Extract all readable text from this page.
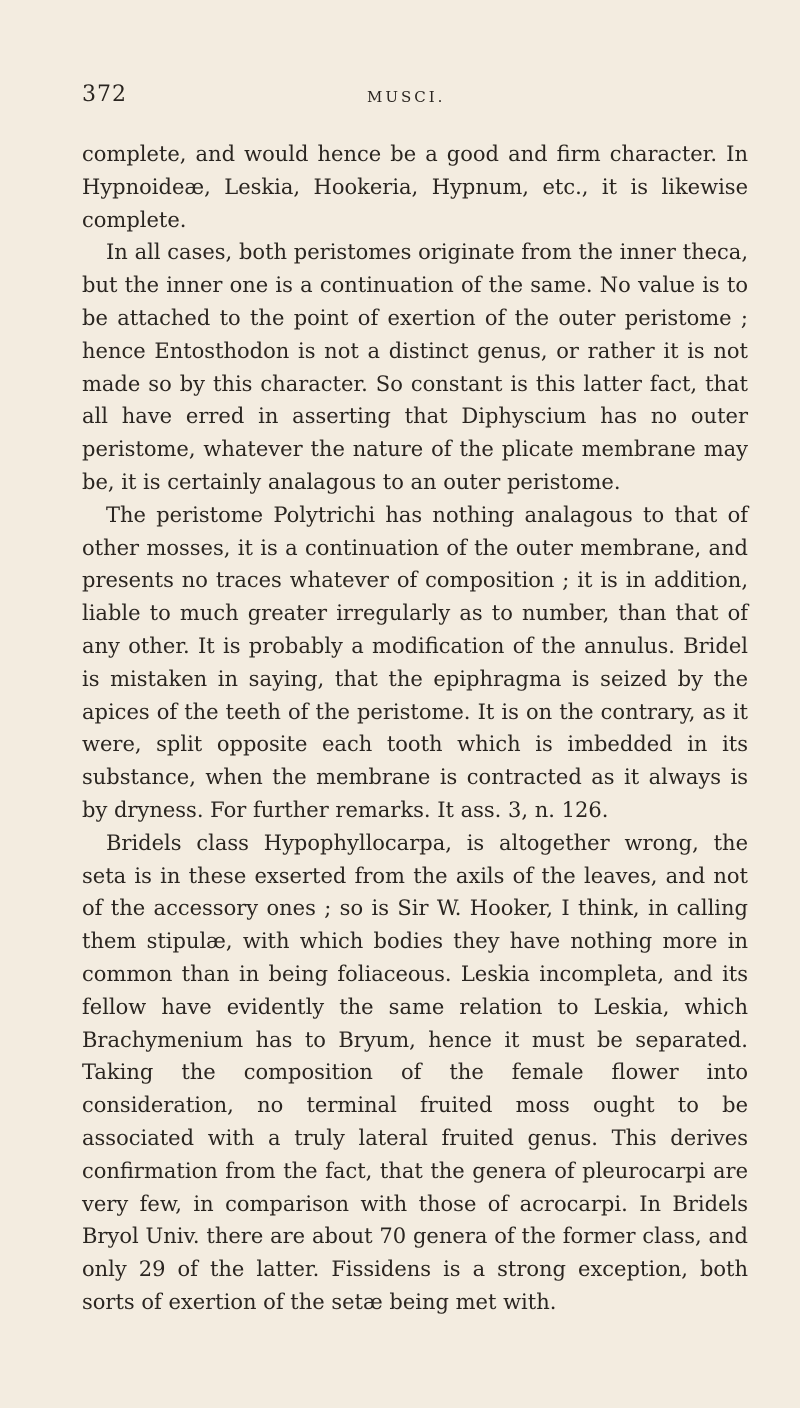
372	MUSCI.

complete, and would hence be a good and firm character. In Hypnoideæ, Leskia, Hookeria, Hypnum, etc., it is likewise complete.

In all cases, both peristomes originate from the inner theca, but the inner one is a continuation of the same. No value is to be attached to the point of exertion of the outer peristome ; hence Entosthodon is not a distinct genus, or rather it is not made so by this character. So constant is this latter fact, that all have erred in asserting that Diphyscium has no outer peristome, whatever the nature of the plicate membrane may be, it is certainly analagous to an outer peristome.

The peristome Polytrichi has nothing analagous to that of other mosses, it is a continuation of the outer membrane, and presents no traces whatever of composition ; it is in addition, liable to much greater irregularly as to number, than that of any other. It is probably a modification of the annulus. Bridel is mistaken in saying, that the epiphragma is seized by the apices of the teeth of the peristome. It is on the contrary, as it were, split opposite each tooth which is imbedded in its substance, when the membrane is contracted as it always is by dryness. For further remarks. It ass. 3, n. 126.

Bridels class Hypophyllocarpa, is altogether wrong, the seta is in these exserted from the axils of the leaves, and not of the accessory ones ; so is Sir W. Hooker, I think, in calling them stipulæ, with which bodies they have nothing more in common than in being foliaceous. Leskia incompleta, and its fellow have evidently the same relation to Leskia, which Brachymenium has to Bryum, hence it must be separated. Taking the composition of the female flower into consideration, no terminal fruited moss ought to be associated with a truly lateral fruited genus. This derives confirmation from the fact, that the genera of pleurocarpi are very few, in comparison with those of acrocarpi. In Bridels Bryol Univ. there are about 70 genera of the former class, and only 29 of the latter. Fissidens is a strong exception, both sorts of exertion of the setæ being met with.
